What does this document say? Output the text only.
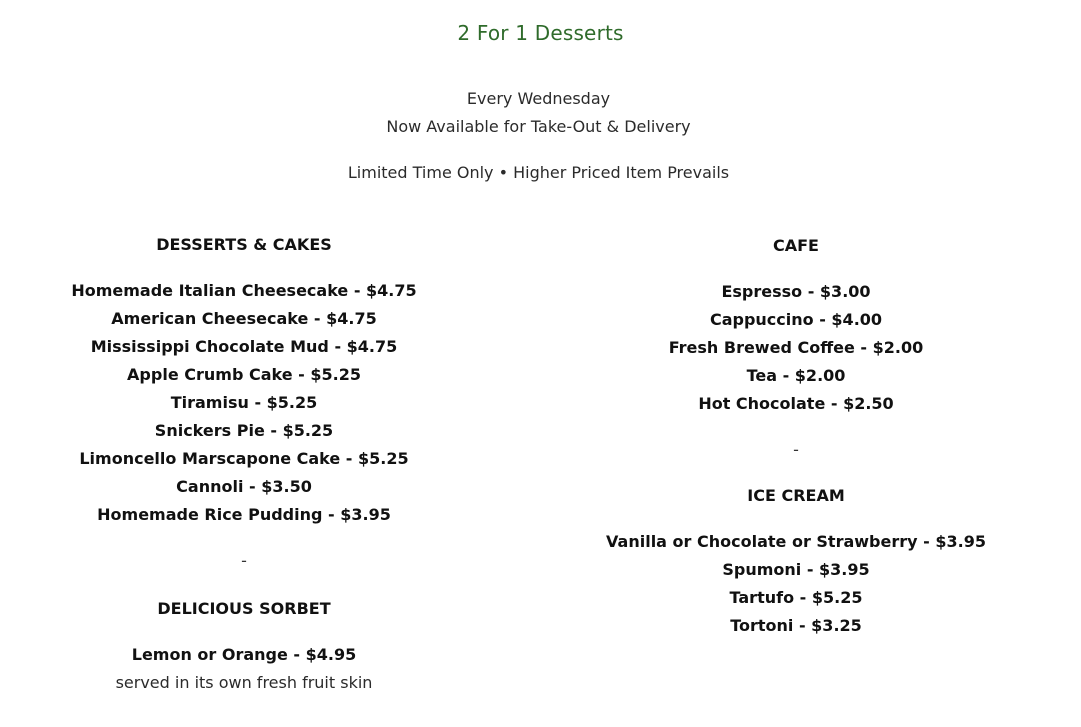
2 For 1 Desserts
Every Wednesday
Now Available for Take-Out & Delivery
Limited Time Only • Higher Priced Item Prevails
DESSERTS & CAKES
Homemade Italian Cheesecake - $4.75
American Cheesecake - $4.75
Mississippi Chocolate Mud - $4.75
Apple Crumb Cake - $5.25
Tiramisu - $5.25
Snickers Pie - $5.25
Limoncello Marscapone Cake - $5.25
Cannoli - $3.50
Homemade Rice Pudding - $3.95
-
DELICIOUS SORBET
Lemon or Orange - $4.95
served in its own fresh fruit skin
CAFE
Espresso - $3.00
Cappuccino - $4.00
Fresh Brewed Coffee - $2.00
Tea - $2.00
Hot Chocolate - $2.50
-
ICE CREAM
Vanilla or Chocolate or Strawberry - $3.95
Spumoni - $3.95
Tartufo - $5.25
Tortoni - $3.25
